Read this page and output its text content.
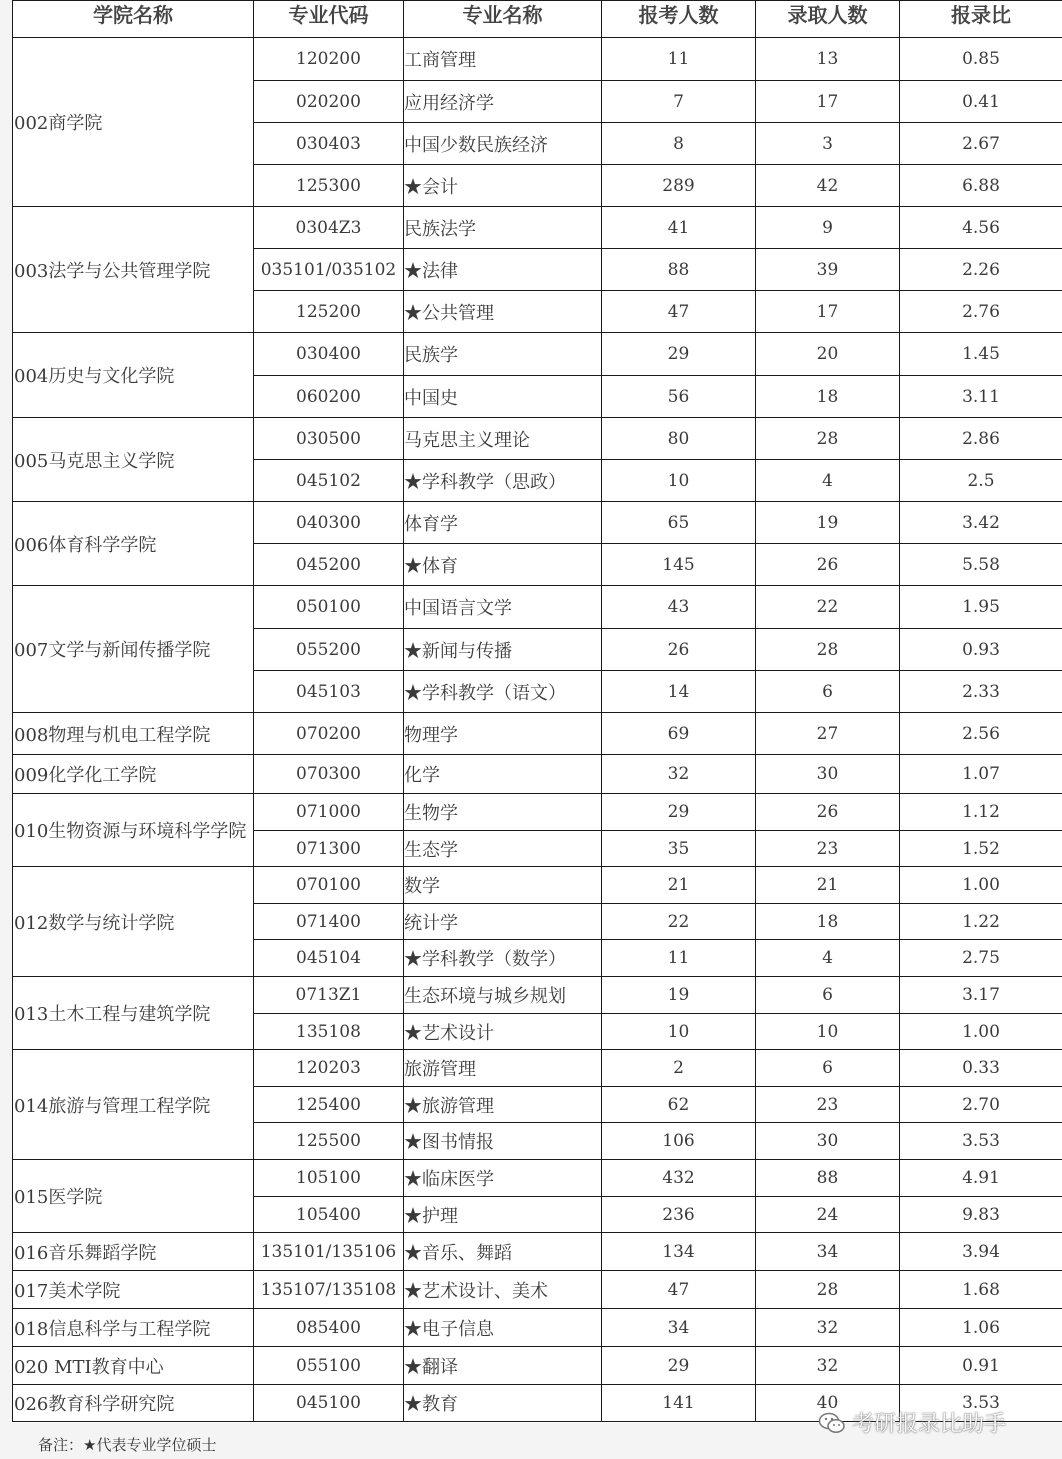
学院名称	专业代码	专业名称	报考人数	录取人数	报录比
002商学院	120200	工商管理	11	13	0.85
	020200	应用经济学	7	17	0.41
	030403	中国少数民族经济	8	3	2.67
	125300	★会计	289	42	6.88
003法学与公共管理学院	0304Z3	民族法学	41	9	4.56
	035101/035102	★法律	88	39	2.26
	125200	★公共管理	47	17	2.76
004历史与文化学院	030400	民族学	29	20	1.45
	060200	中国史	56	18	3.11
005马克思主义学院	030500	马克思主义理论	80	28	2.86
	045102	★学科教学（思政）	10	4	2.5
006体育科学学院	040300	体育学	65	19	3.42
	045200	★体育	145	26	5.58
007文学与新闻传播学院	050100	中国语言文学	43	22	1.95
	055200	★新闻与传播	26	28	0.93
	045103	★学科教学（语文）	14	6	2.33
008物理与机电工程学院	070200	物理学	69	27	2.56
009化学化工学院	070300	化学	32	30	1.07
010生物资源与环境科学学院	071000	生物学	29	26	1.12
	071300	生态学	35	23	1.52
012数学与统计学院	070100	数学	21	21	1.00
	071400	统计学	22	18	1.22
	045104	★学科教学（数学）	11	4	2.75
013土木工程与建筑学院	0713Z1	生态环境与城乡规划	19	6	3.17
	135108	★艺术设计	10	10	1.00
014旅游与管理工程学院	120203	旅游管理	2	6	0.33
	125400	★旅游管理	62	23	2.70
	125500	★图书情报	106	30	3.53
015医学院	105100	★临床医学	432	88	4.91
	105400	★护理	236	24	9.83
016音乐舞蹈学院	135101/135106	★音乐、舞蹈	134	34	3.94
017美术学院	135107/135108	★艺术设计、美术	47	28	1.68
018信息科学与工程学院	085400	★电子信息	34	32	1.06
020 MTI教育中心	055100	★翻译	29	32	0.91
026教育科学研究院	045100	★教育	141	40	3.53
备注：★代表专业学位硕士
考研报录比助手
